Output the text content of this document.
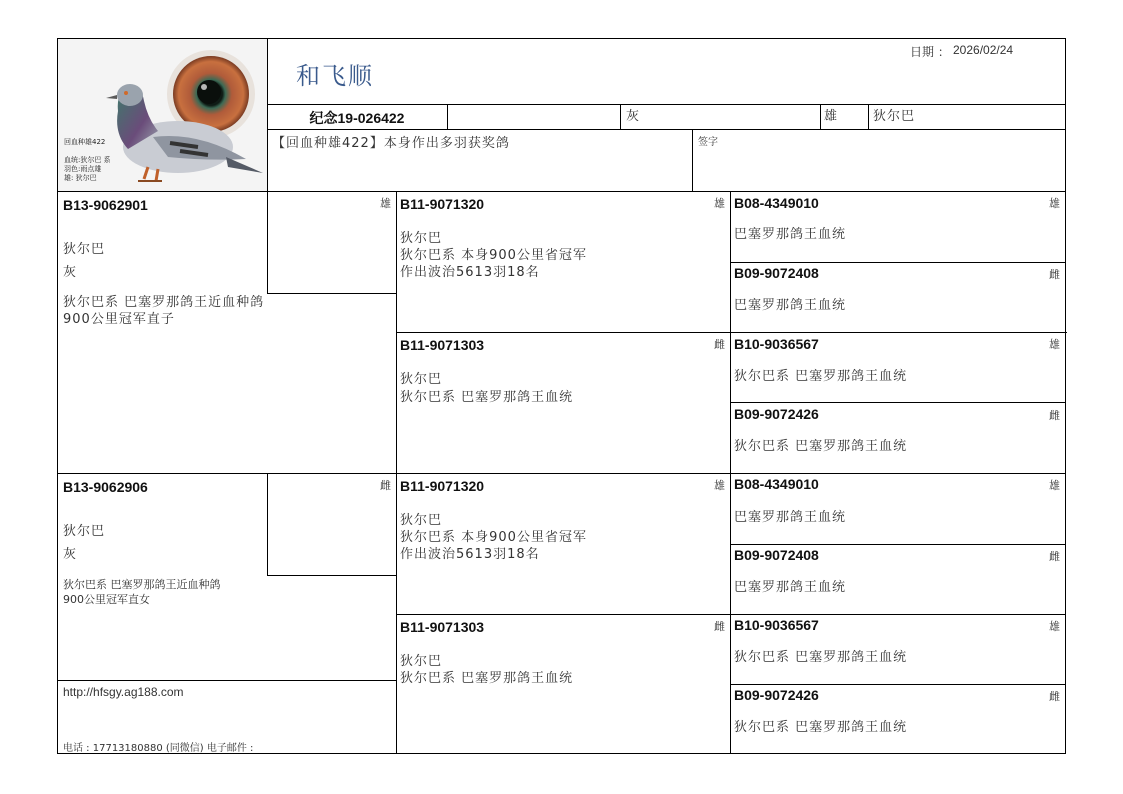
回血种雄422
血统:狄尔巴 系
羽色:雨点雄
雄: 狄尔巴
和飞顺
日期 ： 2026/02/24
纪念19-026422	灰	雄	狄尔巴
【回血种雄422】本身作出多羽获奖鸽	签字
B13-9062901	雄
狄尔巴
灰
狄尔巴系 巴塞罗那鸽王近血种鸽
900公里冠军直子
B13-9062906	雌
狄尔巴
灰
狄尔巴系 巴塞罗那鸽王近血种鸽
900公里冠军直女
B11-9071320	雄
狄尔巴
狄尔巴系 本身900公里省冠军
作出波治5613羽18名
B11-9071303	雌
狄尔巴
狄尔巴系 巴塞罗那鸽王血统
B11-9071320	雄
狄尔巴
狄尔巴系 本身900公里省冠军
作出波治5613羽18名
B11-9071303	雌
狄尔巴
狄尔巴系 巴塞罗那鸽王血统
B08-4349010	雄
巴塞罗那鸽王血统
B09-9072408	雌
巴塞罗那鸽王血统
B10-9036567	雄
狄尔巴系 巴塞罗那鸽王血统
B09-9072426	雌
狄尔巴系 巴塞罗那鸽王血统
B08-4349010	雄
巴塞罗那鸽王血统
B09-9072408	雌
巴塞罗那鸽王血统
B10-9036567	雄
狄尔巴系 巴塞罗那鸽王血统
B09-9072426	雌
狄尔巴系 巴塞罗那鸽王血统
http://hfsgy.ag188.com
电话 : 17713180880 (同微信) 电子邮件 :
